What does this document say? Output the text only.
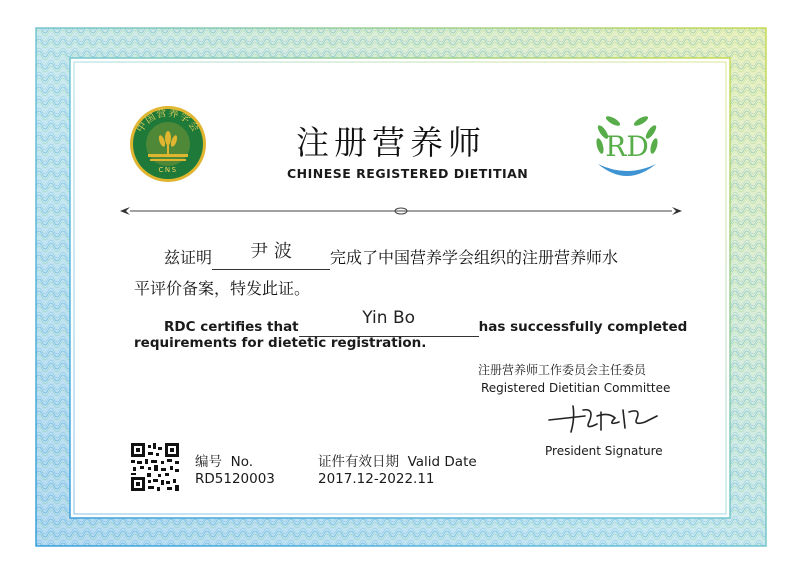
中国营养学会
CNS
注册营养师
CHINESE REGISTERED DIETITIAN
RD
兹证明 尹 波 完成了中国营养学会组织的注册营养师水
平评价备案，特发此证。
RDC certifies that	Yin Bo	has successfully completed
requirements for dietetic registration.
注册营养师工作委员会主任委员
Registered Dietitian Committee
President Signature
编号 No.
RD5120003
证件有效日期 Valid Date
2017.12-2022.11
